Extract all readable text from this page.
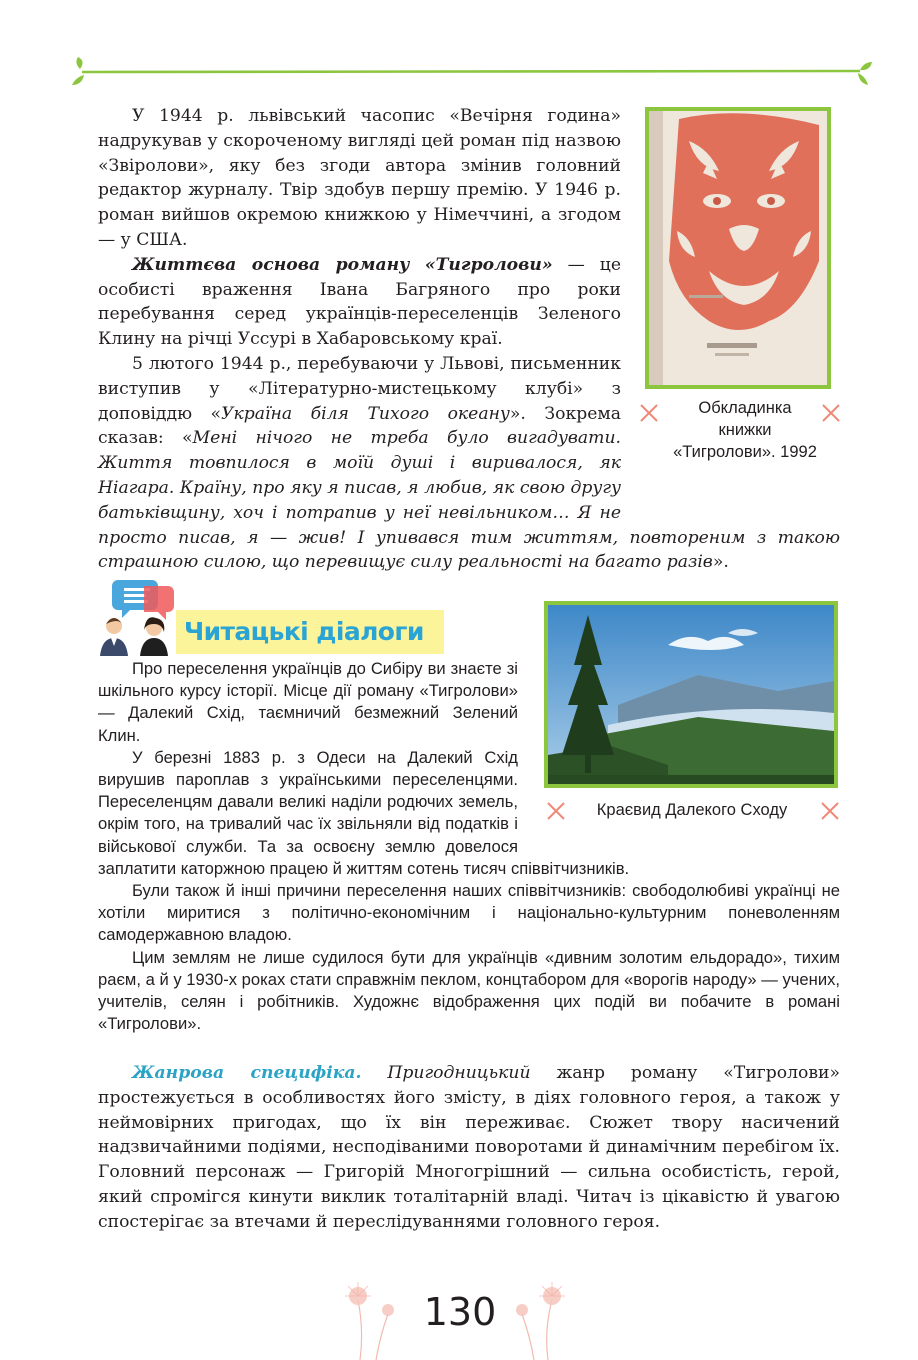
Обкладинка книжки «Тигролови». 1992

У 1944 р. львівський часопис «Вечірня година» надрукував у скороченому вигляді цей роман під назвою «Звіролови», яку без згоди автора змінив головний редактор журналу. Твір здобув першу премію. У 1946 р. роман вийшов окремою книжкою у Німеччині, а згодом — у США.

Життєва основа роману «Тигролови» — це особисті враження Івана Багряного про роки перебування серед українців-переселенців Зеленого Клину на річці Уссурі в Хабаровському краї.

5 лютого 1944 р., перебуваючи у Львові, письменник виступив у «Літературно-мистецькому клубі» з доповіддю «Україна біля Тихого океану». Зокрема сказав: «Мені нічого не треба було вигадувати. Життя товпилося в моїй душі і виривалося, як Ніагара. Країну, про яку я писав, я любив, як свою другу батьківщину, хоч і потрапив у неї невільником… Я не просто писав, я — жив! І упивався тим життям, повтореним з такою страшною силою, що перевищує силу реальності на багато разів».

Краєвид Далекого Сходу
Читацькі діалоги

Про переселення українців до Сибіру ви знаєте зі шкільного курсу історії. Місце дії роману «Тигролови» — Далекий Схід, таємничий безмежний Зелений Клин.

У березні 1883 р. з Одеси на Далекий Схід вирушив пароплав з українськими переселенцями. Переселенцям давали великі наділи родючих земель, окрім того, на тривалий час їх звільняли від податків і військової служби. Та за освоєну землю довелося заплатити каторжною працею й життям сотень тисяч співвітчизників.

Були також й інші причини переселення наших співвітчизників: свободолюбиві українці не хотіли миритися з політично-економічним і національно-культурним поневоленням самодержавною владою.

Цим землям не лише судилося бути для українців «дивним золотим ельдорадо», тихим раєм, а й у 1930-х роках стати справжнім пеклом, концтабором для «ворогів народу» — учених, учителів, селян і робітників. Художнє відображення цих подій ви побачите в романі «Тигролови».

Жанрова специфіка. Пригодницький жанр роману «Тигролови» простежується в особливостях його змісту, в діях головного героя, а також у неймовірних пригодах, що їх він переживає. Сюжет твору насичений надзвичайними подіями, несподіваними поворотами й динамічним перебігом їх. Головний персонаж — Григорій Многогрішний — сильна особистість, герой, який спромігся кинути виклик тоталітарній владі. Читач із цікавістю й увагою спостерігає за втечами й переслідуваннями головного героя.

130
